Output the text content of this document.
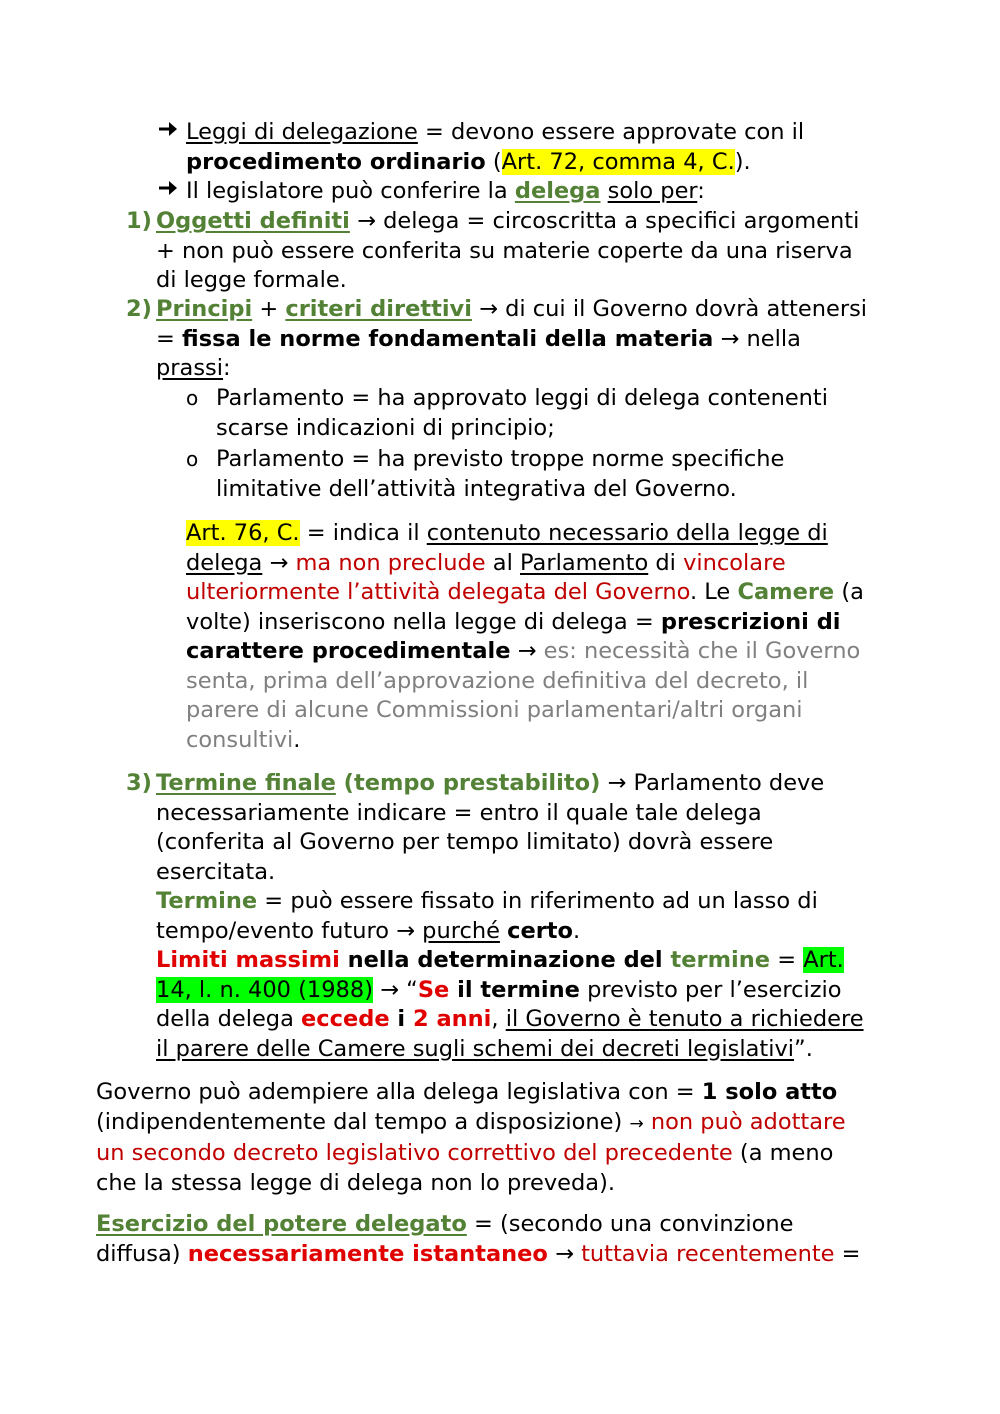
Leggi di delegazione = devono essere approvate con il
procedimento ordinario (Art. 72, comma 4, C.).
Il legislatore può conferire la delega solo per:
1) Oggetti definiti → delega = circoscritta a specifici argomenti
+ non può essere conferita su materie coperte da una riserva
di legge formale.
2) Principi + criteri direttivi → di cui il Governo dovrà attenersi
= fissa le norme fondamentali della materia → nella
prassi:
o Parlamento = ha approvato leggi di delega contenenti
scarse indicazioni di principio;
o Parlamento = ha previsto troppe norme specifiche
limitative dell’attività integrativa del Governo.
Art. 76, C. = indica il contenuto necessario della legge di
delega → ma non preclude al Parlamento di vincolare
ulteriormente l’attività delegata del Governo. Le Camere (a
volte) inseriscono nella legge di delega = prescrizioni di
carattere procedimentale → es: necessità che il Governo
senta, prima dell’approvazione definitiva del decreto, il
parere di alcune Commissioni parlamentari/altri organi
consultivi.
3) Termine finale (tempo prestabilito) → Parlamento deve
necessariamente indicare = entro il quale tale delega
(conferita al Governo per tempo limitato) dovrà essere
esercitata.
Termine = può essere fissato in riferimento ad un lasso di
tempo/evento futuro → purché certo.
Limiti massimi nella determinazione del termine = Art.
14, l. n. 400 (1988) → “Se il termine previsto per l’esercizio
della delega eccede i 2 anni, il Governo è tenuto a richiedere
il parere delle Camere sugli schemi dei decreti legislativi”.
Governo può adempiere alla delega legislativa con = 1 solo atto
(indipendentemente dal tempo a disposizione) → non può adottare
un secondo decreto legislativo correttivo del precedente (a meno
che la stessa legge di delega non lo preveda).
Esercizio del potere delegato = (secondo una convinzione
diffusa) necessariamente istantaneo → tuttavia recentemente =
